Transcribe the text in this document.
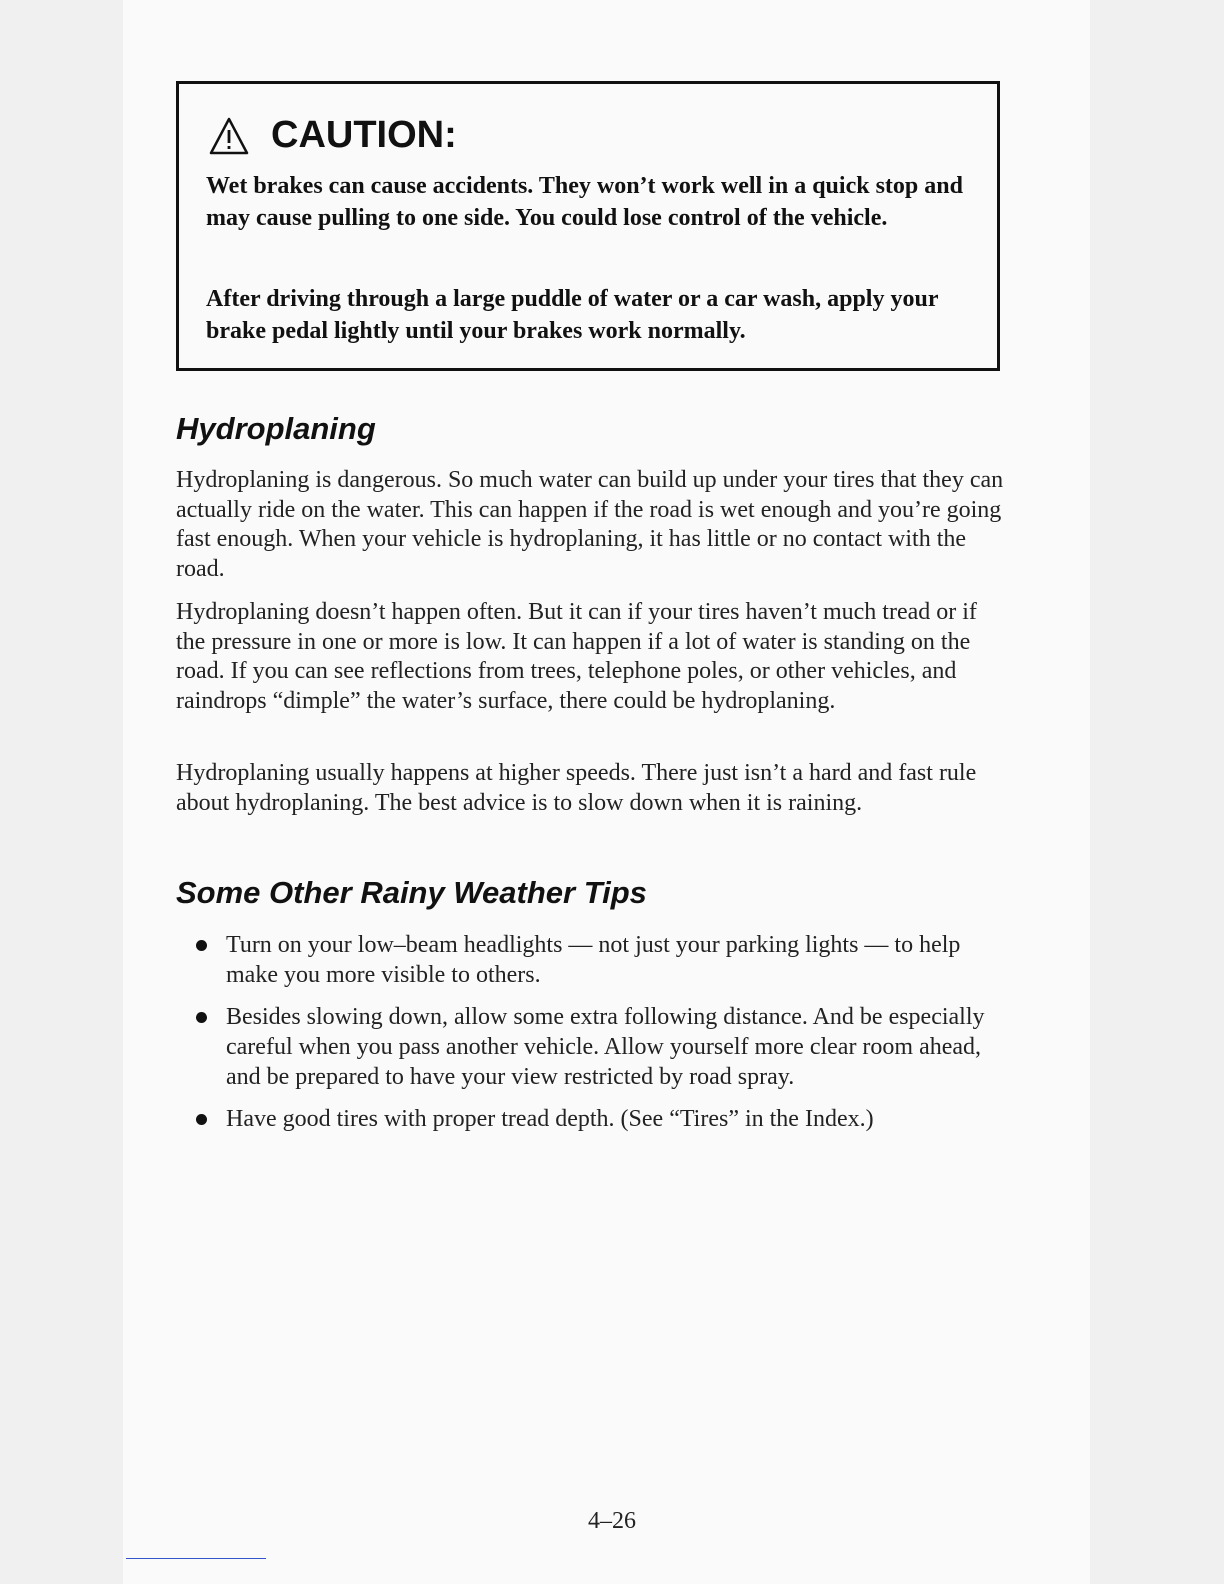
CAUTION:

Wet brakes can cause accidents. They won’t work well in a quick stop and may cause pulling to one side. You could lose control of the vehicle.

After driving through a large puddle of water or a car wash, apply your brake pedal lightly until your brakes work normally.

Hydroplaning

Hydroplaning is dangerous. So much water can build up under your tires that they can actually ride on the water. This can happen if the road is wet enough and you’re going fast enough. When your vehicle is hydroplaning, it has little or no contact with the road.

Hydroplaning doesn’t happen often. But it can if your tires haven’t much tread or if the pressure in one or more is low. It can happen if a lot of water is standing on the road. If you can see reflections from trees, telephone poles, or other vehicles, and raindrops “dimple” the water’s surface, there could be hydroplaning.

Hydroplaning usually happens at higher speeds. There just isn’t a hard and fast rule about hydroplaning. The best advice is to slow down when it is raining.

Some Other Rainy Weather Tips
Turn on your low–beam headlights — not just your parking lights — to help make you more visible to others.
Besides slowing down, allow some extra following distance. And be especially careful when you pass another vehicle. Allow yourself more clear room ahead, and be prepared to have your view restricted by road spray.
Have good tires with proper tread depth. (See “Tires” in the Index.)

4–26
